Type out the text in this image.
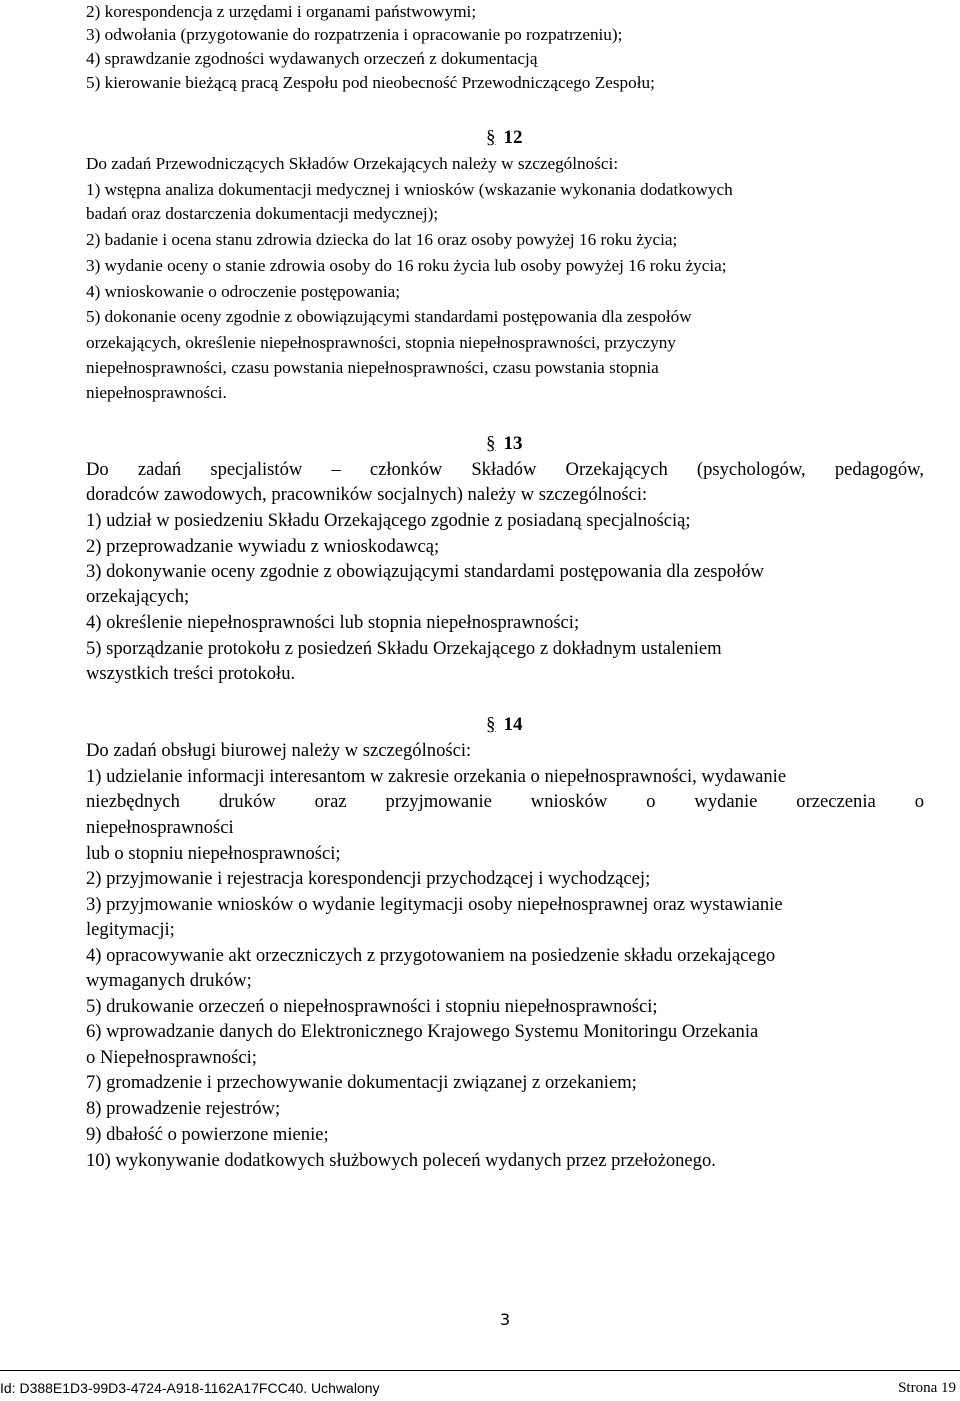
2) korespondencja z urzędami i organami państwowymi;
3) odwołania (przygotowanie do rozpatrzenia i opracowanie po rozpatrzeniu);
4) sprawdzanie zgodności wydawanych orzeczeń z dokumentacją
5) kierowanie bieżącą pracą Zespołu pod nieobecność Przewodniczącego Zespołu;
§ 12
Do zadań Przewodniczących Składów Orzekających należy w szczególności:
1) wstępna analiza dokumentacji medycznej i wniosków (wskazanie wykonania dodatkowych
badań oraz dostarczenia dokumentacji medycznej);
2) badanie i ocena stanu zdrowia dziecka do lat 16 oraz osoby powyżej 16 roku życia;
3) wydanie oceny o stanie zdrowia osoby do 16 roku życia lub osoby powyżej 16 roku życia;
4) wnioskowanie o odroczenie postępowania;
5) dokonanie oceny zgodnie z obowiązującymi standardami postępowania dla zespołów
orzekających, określenie niepełnosprawności, stopnia niepełnosprawności, przyczyny
niepełnosprawności, czasu powstania niepełnosprawności, czasu powstania stopnia
niepełnosprawności.
§ 13
Do zadań specjalistów – członków Składów Orzekających (psychologów, pedagogów,
doradców zawodowych, pracowników socjalnych) należy w szczególności:
1) udział w posiedzeniu Składu Orzekającego zgodnie z posiadaną specjalnością;
2) przeprowadzanie wywiadu z wnioskodawcą;
3) dokonywanie oceny zgodnie z obowiązującymi standardami postępowania dla zespołów
orzekających;
4) określenie niepełnosprawności lub stopnia niepełnosprawności;
5) sporządzanie protokołu z posiedzeń Składu Orzekającego z dokładnym ustaleniem
wszystkich treści protokołu.
§ 14
Do zadań obsługi biurowej należy w szczególności:
1) udzielanie informacji interesantom w zakresie orzekania o niepełnosprawności, wydawanie
niezbędnych druków oraz przyjmowanie wniosków o wydanie orzeczenia o
niepełnosprawności
lub o stopniu niepełnosprawności;
2) przyjmowanie i rejestracja korespondencji przychodzącej i wychodzącej;
3) przyjmowanie wniosków o wydanie legitymacji osoby niepełnosprawnej oraz wystawianie
legitymacji;
4) opracowywanie akt orzeczniczych z przygotowaniem na posiedzenie składu orzekającego
wymaganych druków;
5) drukowanie orzeczeń o niepełnosprawności i stopniu niepełnosprawności;
6) wprowadzanie danych do Elektronicznego Krajowego Systemu Monitoringu Orzekania
o Niepełnosprawności;
7) gromadzenie i przechowywanie dokumentacji związanej z orzekaniem;
8) prowadzenie rejestrów;
9) dbałość o powierzone mienie;
10) wykonywanie dodatkowych służbowych poleceń wydanych przez przełożonego.
3
Id: D388E1D3-99D3-4724-A918-1162A17FCC40. Uchwalony	Strona 19
